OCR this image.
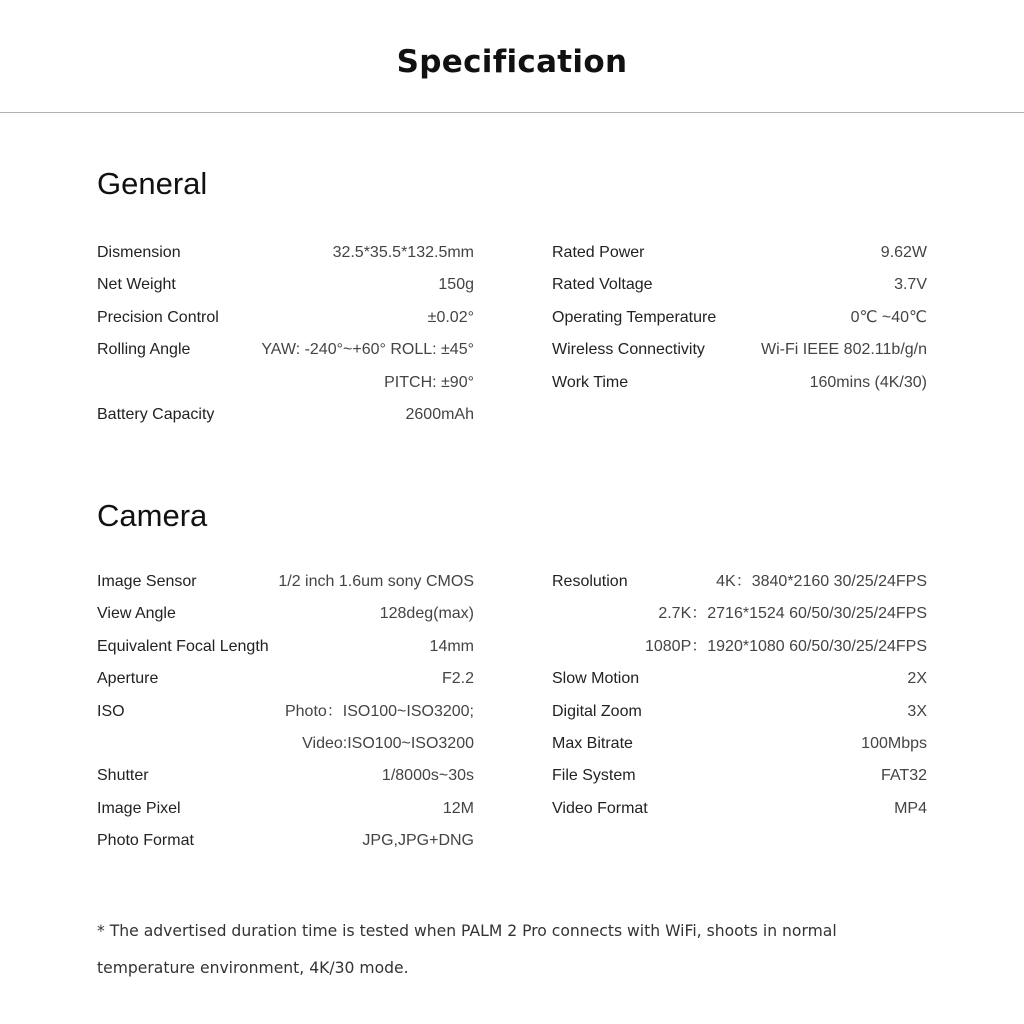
Specification
General
Dismension	32.5*35.5*132.5mm
Net Weight	150g
Precision Control	±0.02°
Rolling Angle	YAW: -240°~+60° ROLL: ±45°
PITCH: ±90°
Battery Capacity	2600mAh
Rated Power	9.62W
Rated Voltage	3.7V
Operating Temperature	0℃ ~40℃
Wireless Connectivity	Wi-Fi IEEE 802.11b/g/n
Work Time	160mins (4K/30)
Camera
Image Sensor	1/2 inch 1.6um sony CMOS
View Angle	128deg(max)
Equivalent Focal Length	14mm
Aperture	F2.2
ISO	Photo：ISO100~ISO3200;
Video:ISO100~ISO3200
Shutter	1/8000s~30s
Image Pixel	12M
Photo Format	JPG,JPG+DNG
Resolution	4K：3840*2160 30/25/24FPS
2.7K：2716*1524 60/50/30/25/24FPS
1080P：1920*1080 60/50/30/25/24FPS
Slow Motion	2X
Digital Zoom	3X
Max Bitrate	100Mbps
File System	FAT32
Video Format	MP4

* The advertised duration time is tested when PALM 2 Pro connects with WiFi, shoots in normal temperature environment, 4K/30 mode.
